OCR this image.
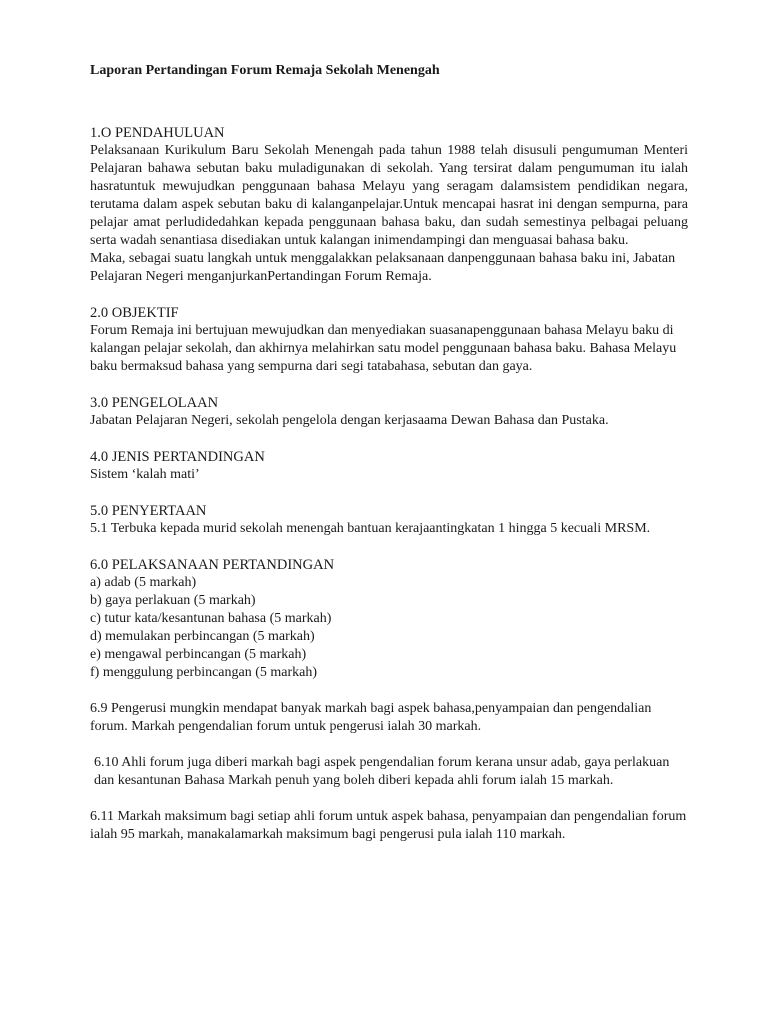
Laporan Pertandingan Forum Remaja Sekolah Menengah
1.O PENDAHULUAN

Pelaksanaan Kurikulum Baru Sekolah Menengah pada tahun 1988 telah disusuli pengumuman Menteri Pelajaran bahawa sebutan baku muladigunakan di sekolah. Yang tersirat dalam pengumuman itu ialah hasratuntuk mewujudkan penggunaan bahasa Melayu yang seragam dalamsistem pendidikan negara, terutama dalam aspek sebutan baku di kalanganpelajar.Untuk mencapai hasrat ini dengan sempurna, para pelajar amat perludidedahkan kepada penggunaan bahasa baku, dan sudah semestinya pelbagai peluang serta wadah senantiasa disediakan untuk kalangan inimendampingi dan menguasai bahasa baku.

Maka, sebagai suatu langkah untuk menggalakkan pelaksanaan danpenggunaan bahasa baku ini, Jabatan Pelajaran Negeri menganjurkanPertandingan Forum Remaja.

2.0 OBJEKTIF

Forum Remaja ini bertujuan mewujudkan dan menyediakan suasanapenggunaan bahasa Melayu baku di kalangan pelajar sekolah, dan akhirnya melahirkan satu model penggunaan bahasa baku. Bahasa Melayu baku bermaksud bahasa yang sempurna dari segi tatabahasa, sebutan dan gaya.

3.0 PENGELOLAAN

Jabatan Pelajaran Negeri, sekolah pengelola dengan kerjasaama Dewan Bahasa dan Pustaka.

4.0 JENIS PERTANDINGAN

Sistem ‘kalah mati’

5.0 PENYERTAAN

5.1 Terbuka kepada murid sekolah menengah bantuan kerajaantingkatan 1 hingga 5 kecuali MRSM.

6.0 PELAKSANAAN PERTANDINGAN
a) adab (5 markah)
b) gaya perlakuan (5 markah)
c) tutur kata/kesantunan bahasa (5 markah)
d) memulakan perbincangan (5 markah)
e) mengawal perbincangan (5 markah)
f) menggulung perbincangan (5 markah)

6.9 Pengerusi mungkin mendapat banyak markah bagi aspek bahasa,penyampaian dan pengendalian forum. Markah pengendalian forum untuk pengerusi ialah 30 markah.

6.10 Ahli forum juga diberi markah bagi aspek pengendalian forum kerana unsur adab, gaya perlakuan dan kesantunan Bahasa Markah penuh yang boleh diberi kepada ahli forum ialah 15 markah.

6.11 Markah maksimum bagi setiap ahli forum untuk aspek bahasa, penyampaian dan pengendalian forum ialah 95 markah, manakalamarkah maksimum bagi pengerusi pula ialah 110 markah.
